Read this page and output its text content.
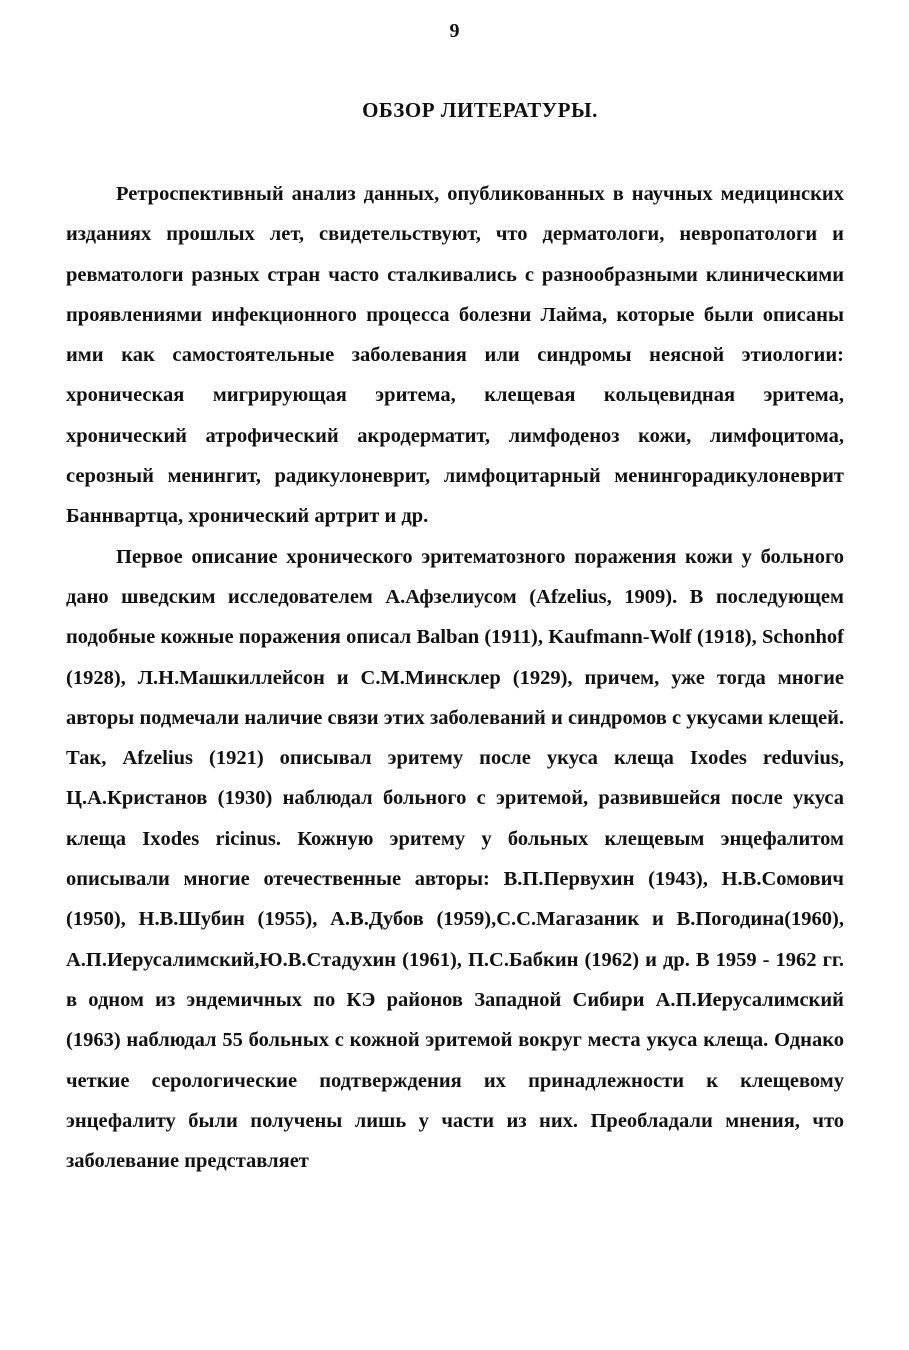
9
ОБЗОР ЛИТЕРАТУРЫ.

Ретроспективный анализ данных, опубликованных в научных медицинских изданиях прошлых лет, свидетельствуют, что дерматологи, невропатологи и ревматологи разных стран часто сталкивались с разнообразными клиническими проявлениями инфекционного процесса болезни Лайма, которые были описаны ими как самостоятельные заболевания или синдромы неясной этиологии: хроническая мигрирующая эритема, клещевая кольцевидная эритема, хронический атрофический акродерматит, лимфоденоз кожи, лимфоцитома, серозный менингит, радикулоневрит, лимфоцитарный менингорадикулоневрит Баннвартца, хронический артрит и др.

Первое описание хронического эритематозного поражения кожи у больного дано шведским исследователем А.Афзелиусом (Afzelius, 1909). В последующем подобные кожные поражения описал Balban (1911), Kaufmann-Wolf (1918), Schonhof (1928), Л.Н.Машкиллейсон и С.М.Минсклер (1929), причем, уже тогда многие авторы подмечали наличие связи этих заболеваний и синдромов с укусами клещей. Так, Afzelius (1921) описывал эритему после укуса клеща Ixodes reduvius, Ц.А.Кристанов (1930) наблюдал больного с эритемой, развившейся после укуса клеща Ixodes ricinus. Кожную эритему у больных клещевым энцефалитом описывали многие отечественные авторы: В.П.Первухин (1943), Н.В.Сомович (1950), Н.В.Шубин (1955), А.В.Дубов (1959),С.С.Магазаник и В.Погодина(1960), А.П.Иерусалимский,Ю.В.Стадухин (1961), П.С.Бабкин (1962) и др. В 1959 - 1962 гг. в одном из эндемичных по КЭ районов Западной Сибири А.П.Иерусалимский (1963) наблюдал 55 больных с кожной эритемой вокруг места укуса клеща. Однако четкие серологические подтверждения их принадлежности к клещевому энцефалиту были получены лишь у части из них. Преобладали мнения, что заболевание представляет
